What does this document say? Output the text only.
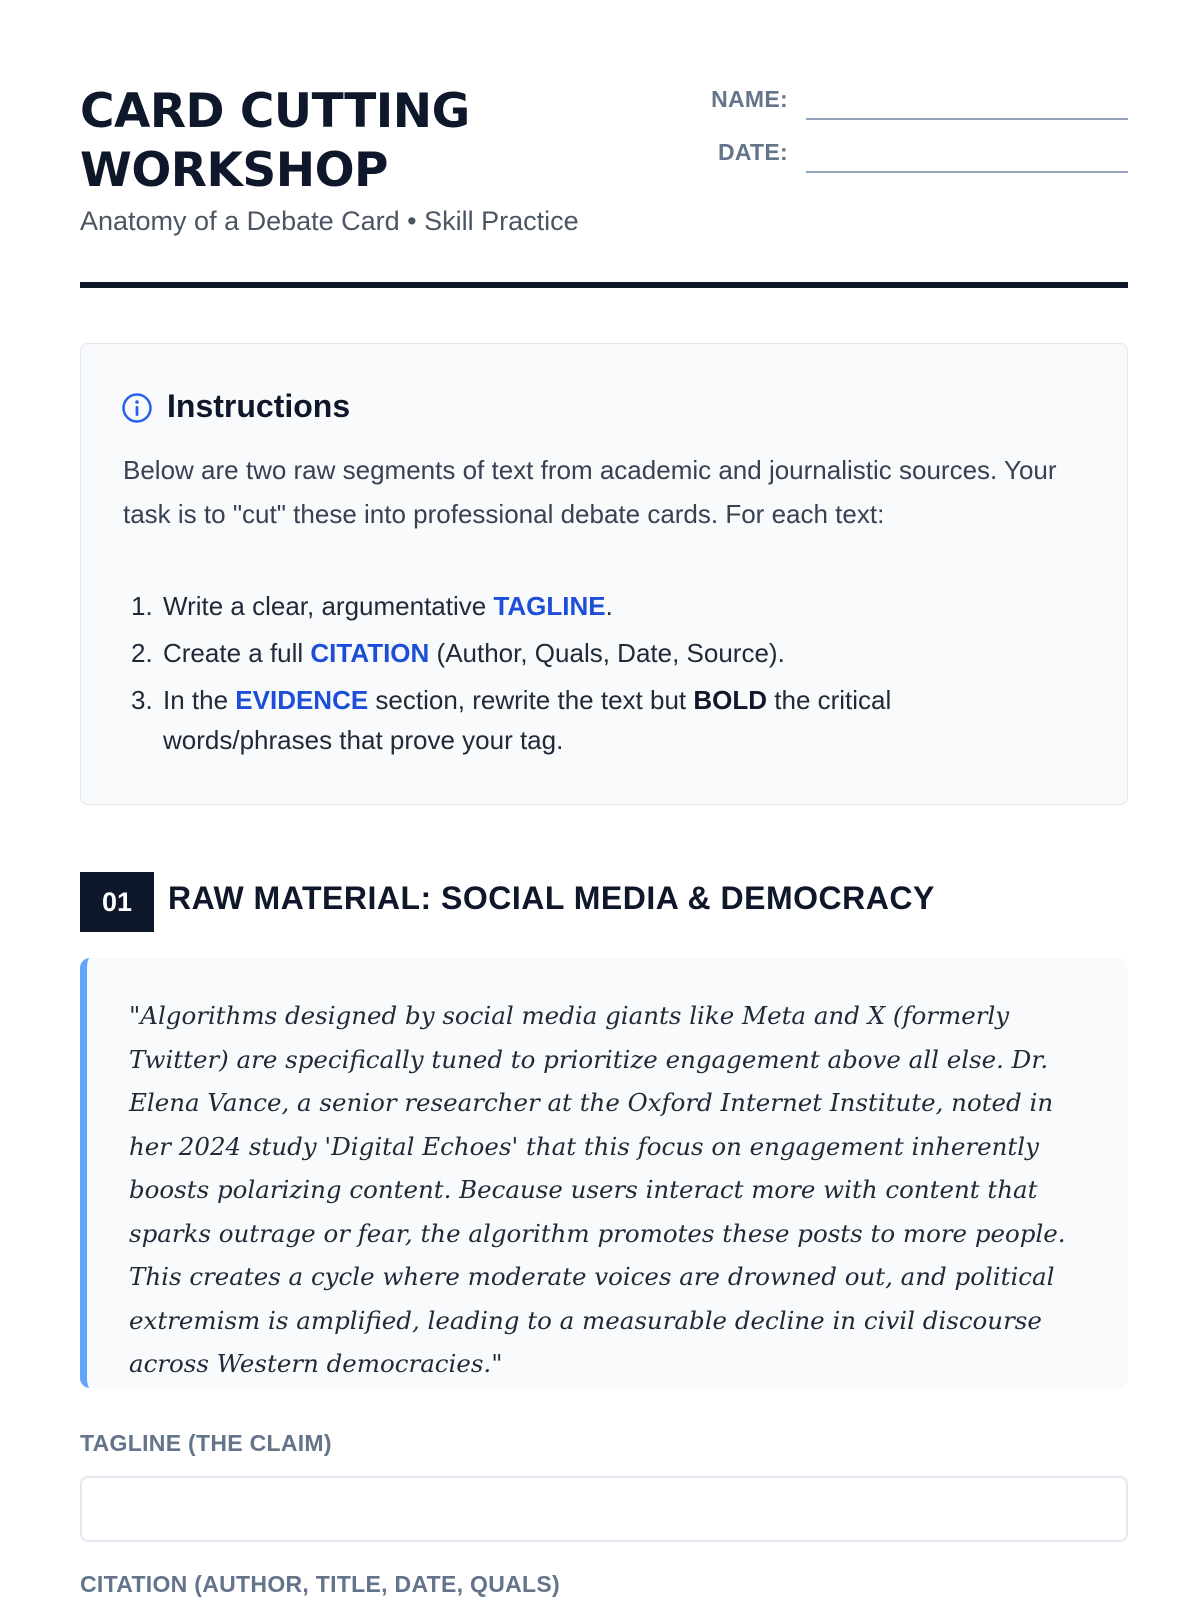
CARD CUTTING WORKSHOP
Anatomy of a Debate Card • Skill Practice
NAME:
DATE:
Instructions
Below are two raw segments of text from academic and journalistic sources. Your task is to "cut" these into professional debate cards. For each text:
1. Write a clear, argumentative TAGLINE.
2. Create a full CITATION (Author, Quals, Date, Source).
3. In the EVIDENCE section, rewrite the text but BOLD the critical words/phrases that prove your tag.
01	RAW MATERIAL: SOCIAL MEDIA & DEMOCRACY
"Algorithms designed by social media giants like Meta and X (formerly Twitter) are specifically tuned to prioritize engagement above all else. Dr. Elena Vance, a senior researcher at the Oxford Internet Institute, noted in her 2024 study 'Digital Echoes' that this focus on engagement inherently boosts polarizing content. Because users interact more with content that sparks outrage or fear, the algorithm promotes these posts to more people. This creates a cycle where moderate voices are drowned out, and political extremism is amplified, leading to a measurable decline in civil discourse across Western democracies."
TAGLINE (THE CLAIM)
CITATION (AUTHOR, TITLE, DATE, QUALS)
